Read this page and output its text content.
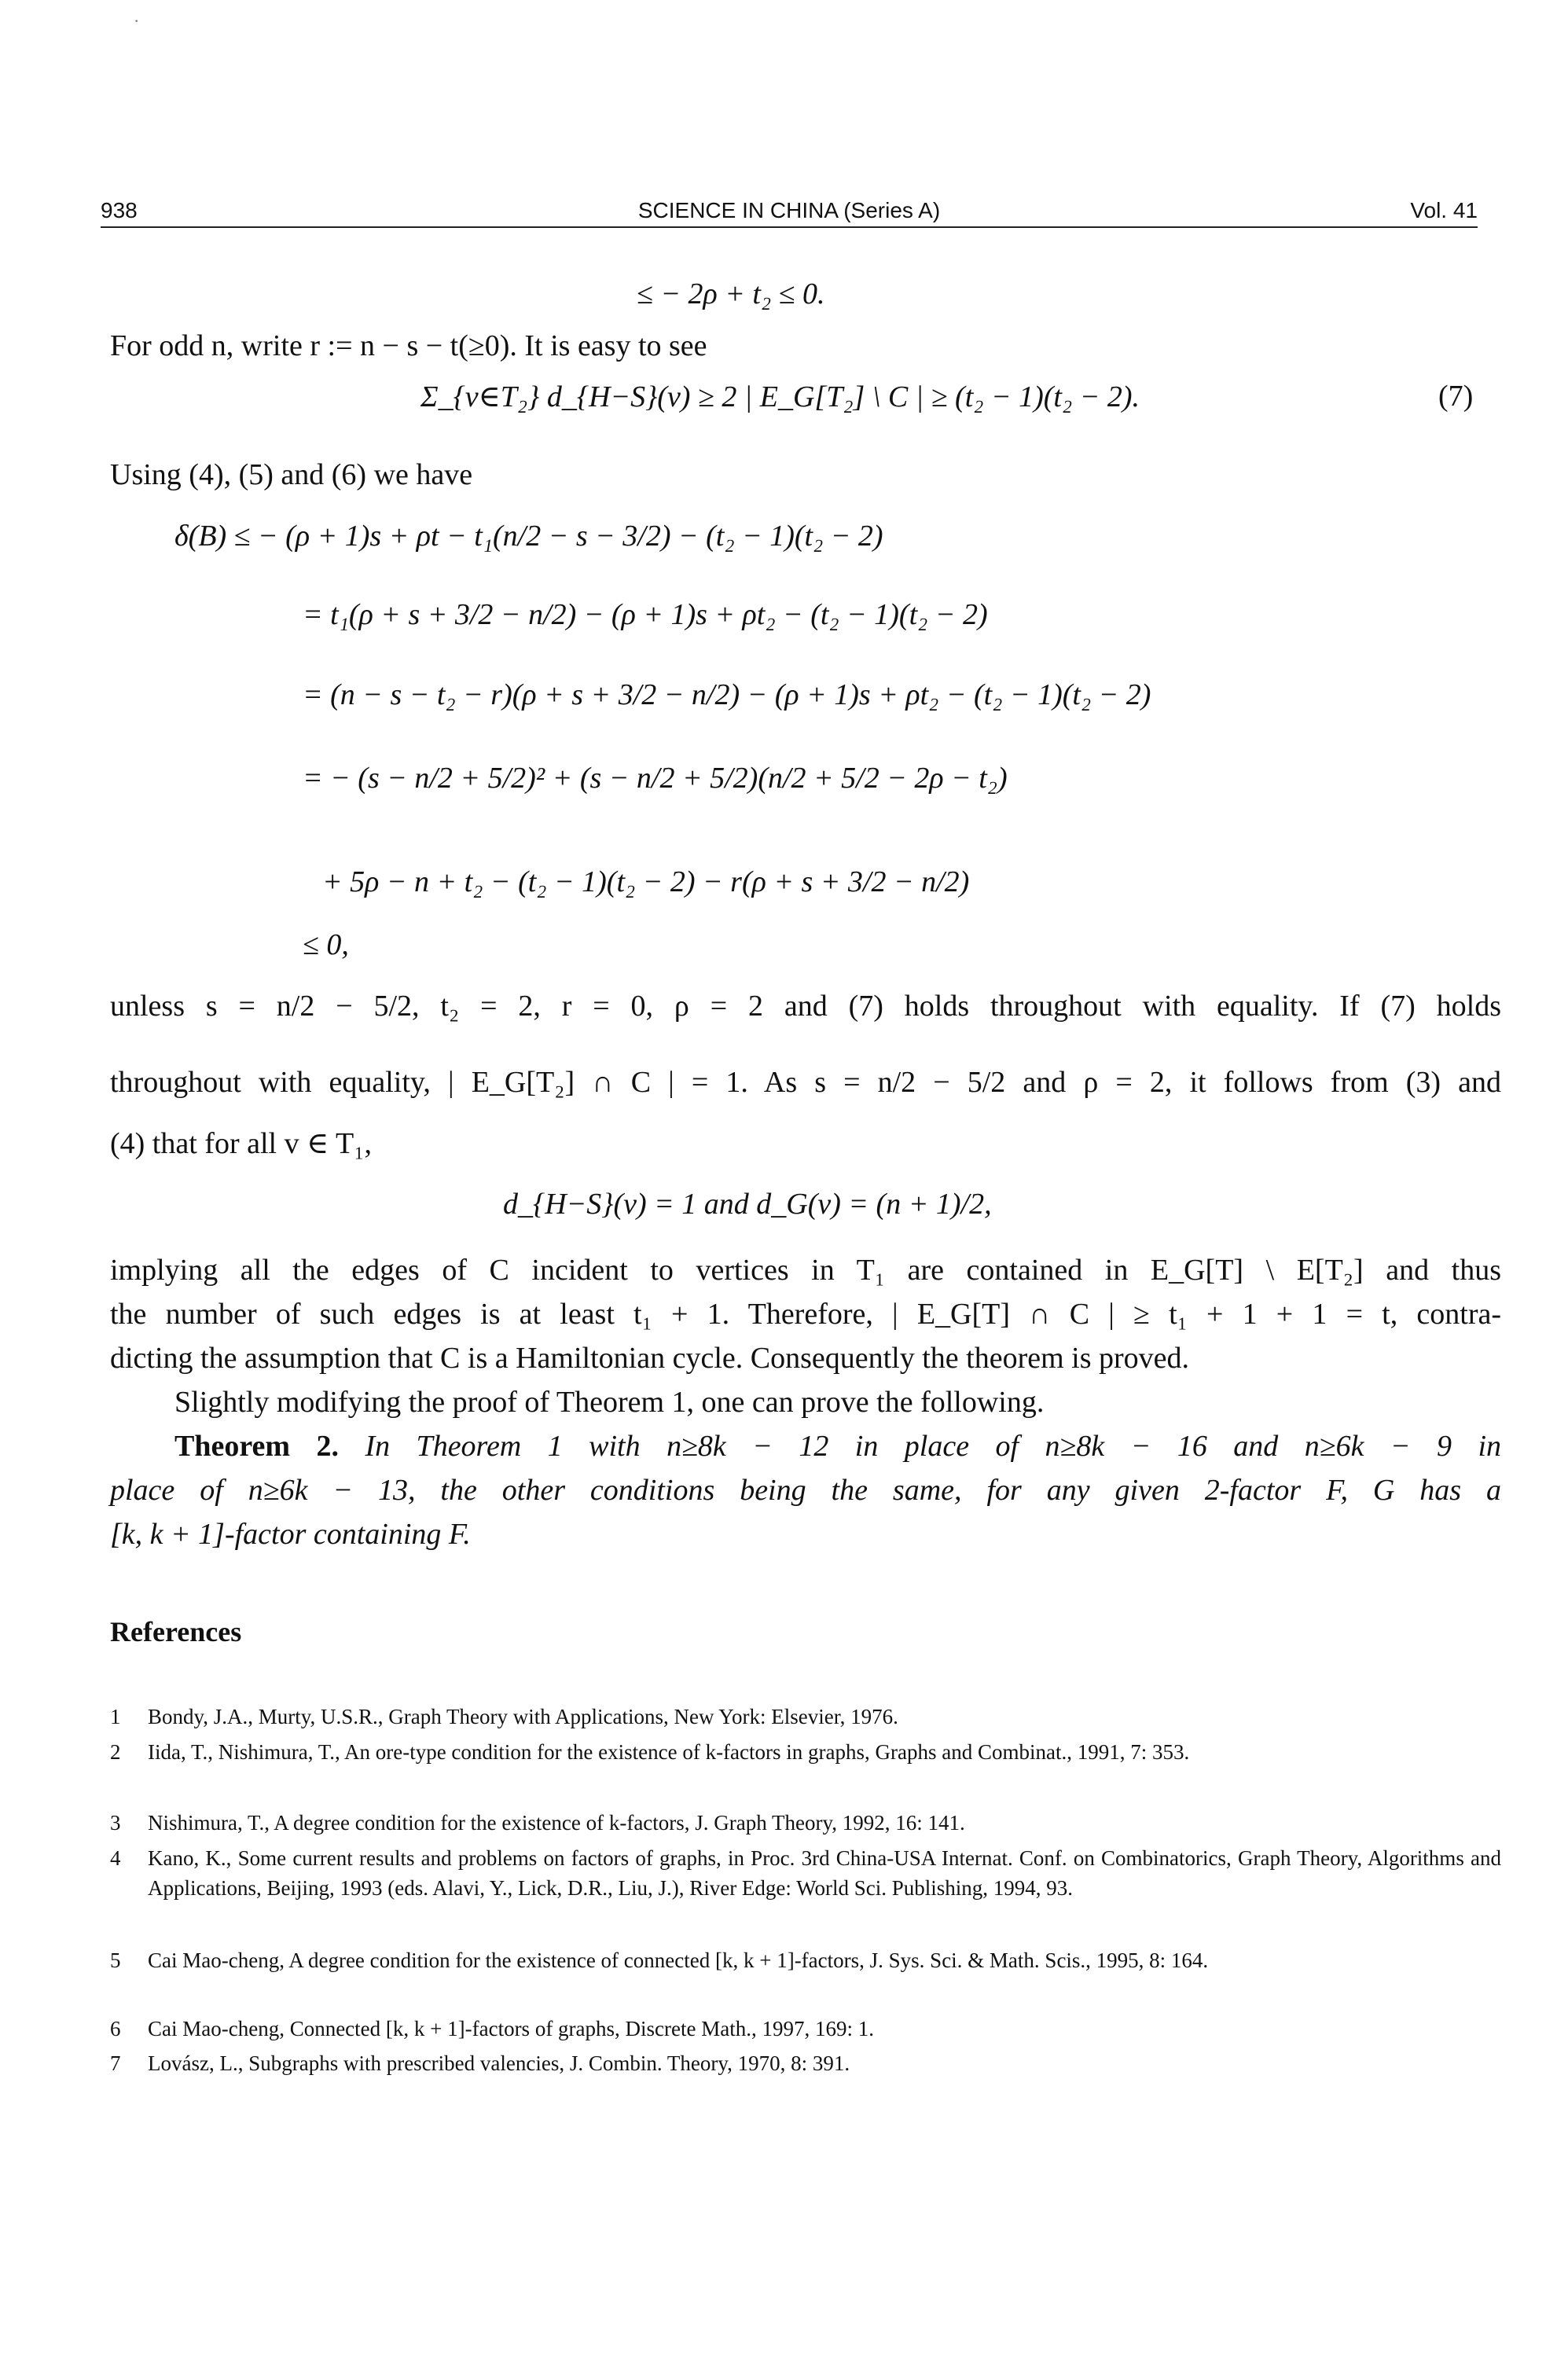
·
938	SCIENCE IN CHINA (Series A)	Vol. 41
≤ − 2ρ + t₂ ≤ 0.
For odd n, write r := n − s − t(≥0). It is easy to see
Σ_{v∈T₂} d_{H−S}(v) ≥ 2 | E_G[T₂] \ C | ≥ (t₂ − 1)(t₂ − 2).	(7)
Using (4), (5) and (6) we have
δ(B) ≤ − (ρ + 1)s + ρt − t₁(n/2 − s − 3/2) − (t₂ − 1)(t₂ − 2)
= t₁(ρ + s + 3/2 − n/2) − (ρ + 1)s + ρt₂ − (t₂ − 1)(t₂ − 2)
= (n − s − t₂ − r)(ρ + s + 3/2 − n/2) − (ρ + 1)s + ρt₂ − (t₂ − 1)(t₂ − 2)
= − (s − n/2 + 5/2)² + (s − n/2 + 5/2)(n/2 + 5/2 − 2ρ − t₂)
+ 5ρ − n + t₂ − (t₂ − 1)(t₂ − 2) − r(ρ + s + 3/2 − n/2)
≤ 0,
unless s = n/2 − 5/2, t₂ = 2, r = 0, ρ = 2 and (7) holds throughout with equality. If (7) holds
throughout with equality, | E_G[T₂] ∩ C | = 1. As s = n/2 − 5/2 and ρ = 2, it follows from (3) and
(4) that for all v ∈ T₁,
d_{H−S}(v) = 1 and d_G(v) = (n + 1)/2,
implying all the edges of C incident to vertices in T₁ are contained in E_G[T] \ E[T₂] and thus
the number of such edges is at least t₁ + 1. Therefore, | E_G[T] ∩ C | ≥ t₁ + 1 + 1 = t, contra-
dicting the assumption that C is a Hamiltonian cycle. Consequently the theorem is proved.
Slightly modifying the proof of Theorem 1, one can prove the following.
Theorem 2. In Theorem 1 with n≥8k − 12 in place of n≥8k − 16 and n≥6k − 9 in
place of n≥6k − 13, the other conditions being the same, for any given 2-factor F, G has a
[k, k + 1]-factor containing F.
References
1	Bondy, J.A., Murty, U.S.R., Graph Theory with Applications, New York: Elsevier, 1976.
2	Iida, T., Nishimura, T., An ore-type condition for the existence of k-factors in graphs, Graphs and Combinat., 1991, 7: 353.
3	Nishimura, T., A degree condition for the existence of k-factors, J. Graph Theory, 1992, 16: 141.
4	Kano, K., Some current results and problems on factors of graphs, in Proc. 3rd China-USA Internat. Conf. on Combinatorics, Graph Theory, Algorithms and Applications, Beijing, 1993 (eds. Alavi, Y., Lick, D.R., Liu, J.), River Edge: World Sci. Publishing, 1994, 93.
5	Cai Mao-cheng, A degree condition for the existence of connected [k, k + 1]-factors, J. Sys. Sci. & Math. Scis., 1995, 8: 164.
6	Cai Mao-cheng, Connected [k, k + 1]-factors of graphs, Discrete Math., 1997, 169: 1.
7	Lovász, L., Subgraphs with prescribed valencies, J. Combin. Theory, 1970, 8: 391.
